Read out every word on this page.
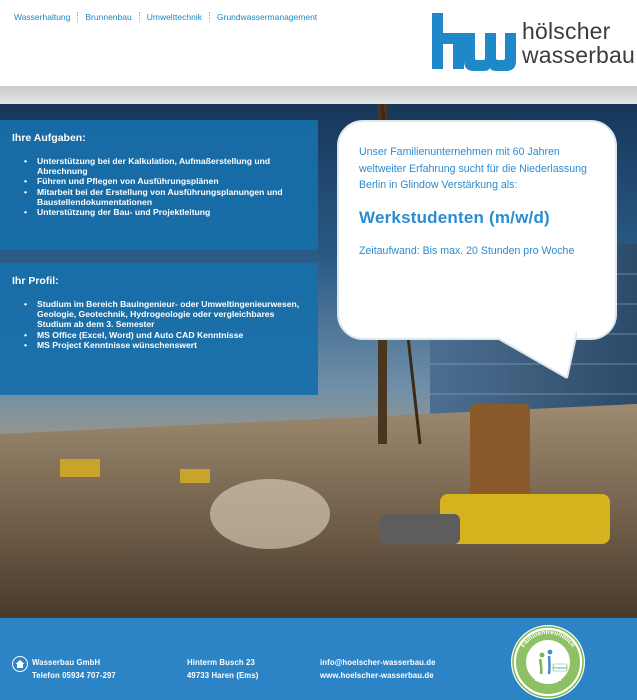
Wasserhaltung	Brunnenbau	Umwelttechnik	Grundwassermanagement
hölscher
wasserbau

Unser Familienunternehmen mit 60 Jahren weltweiter Erfahrung sucht für die Niederlassung Berlin in Glindow Verstärkung als:

Werkstudenten (m/w/d)

Zeitaufwand: Bis max. 20 Stunden pro Woche

Ihre Aufgaben:
• Unterstützung bei der Kalkulation, Aufmaßerstellung und Abrechnung
• Führen und Pflegen von Ausführungsplänen
• Mitarbeit bei der Erstellung von Ausführungsplanungen und Baustellendokumentationen
• Unterstützung der Bau- und Projektleitung
Ihr Profil:
• Studium im Bereich Bauingenieur- oder Umweltingenieurwesen, Geologie, Geotechnik, Hydrogeologie oder vergleichbares Studium ab dem 3. Semester
• MS Office (Excel, Word) und Auto CAD Kenntnisse
• MS Project Kenntnisse wünschenswert
Wasserbau GmbH
Telefon 05934 707-297
Hinterm Busch 23
49733 Haren (Ems)
info@hoelscher-wasserbau.de
www.hoelscher-wasserbau.de
Familienfreundlich
zertifiziert
Emsland
